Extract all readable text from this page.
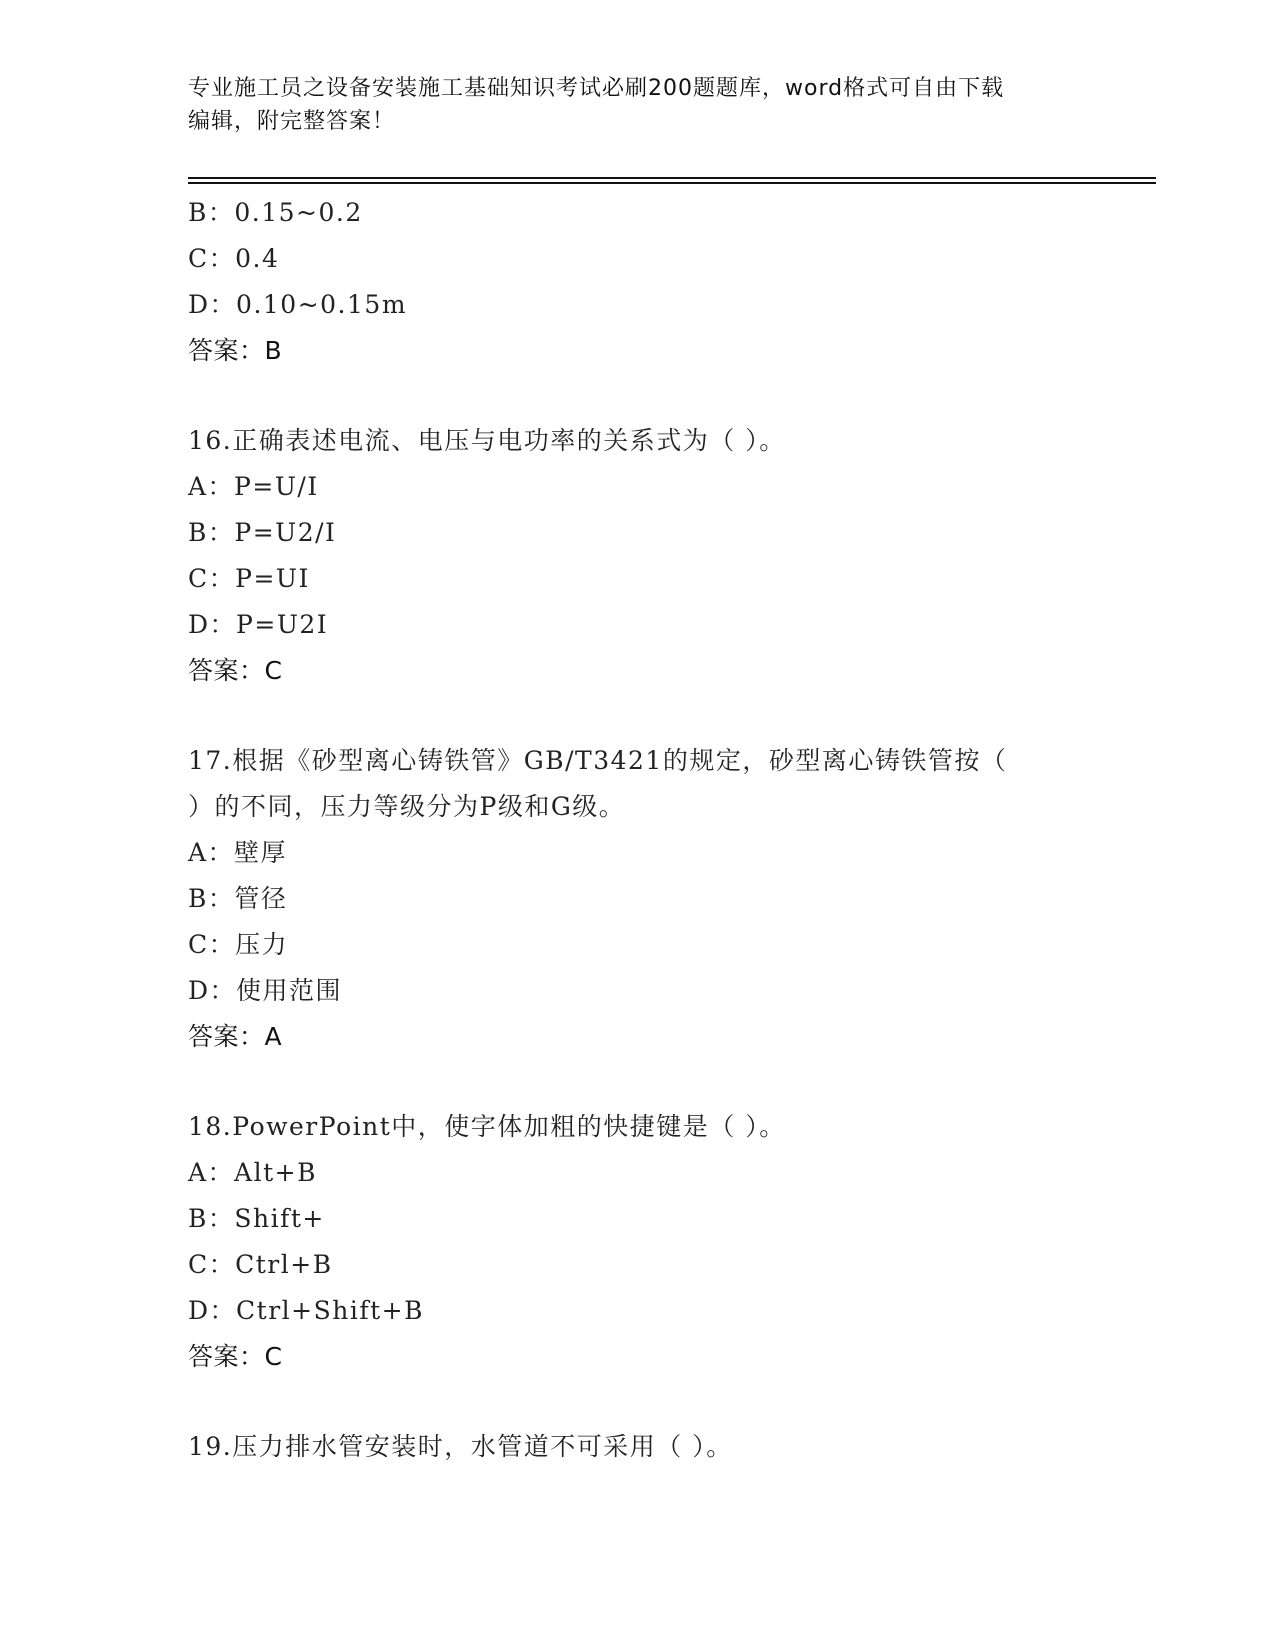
专业施工员之设备安装施工基础知识考试必刷200题题库，word格式可自由下载
编辑，附完整答案！
B：0.15~0.2
C：0.4
D：0.10~0.15m
答案：B
16.正确表述电流、电压与电功率的关系式为（ ）。
A：P=U/I
B：P=U2/I
C：P=UI
D：P=U2I
答案：C
17.根据《砂型离心铸铁管》GB/T3421的规定，砂型离心铸铁管按（
）的不同，压力等级分为P级和G级。
A：壁厚
B：管径
C：压力
D：使用范围
答案：A
18.PowerPoint中，使字体加粗的快捷键是（ ）。
A：Alt+B
B：Shift+
C：Ctrl+B
D：Ctrl+Shift+B
答案：C
19.压力排水管安装时，水管道不可采用（ ）。
